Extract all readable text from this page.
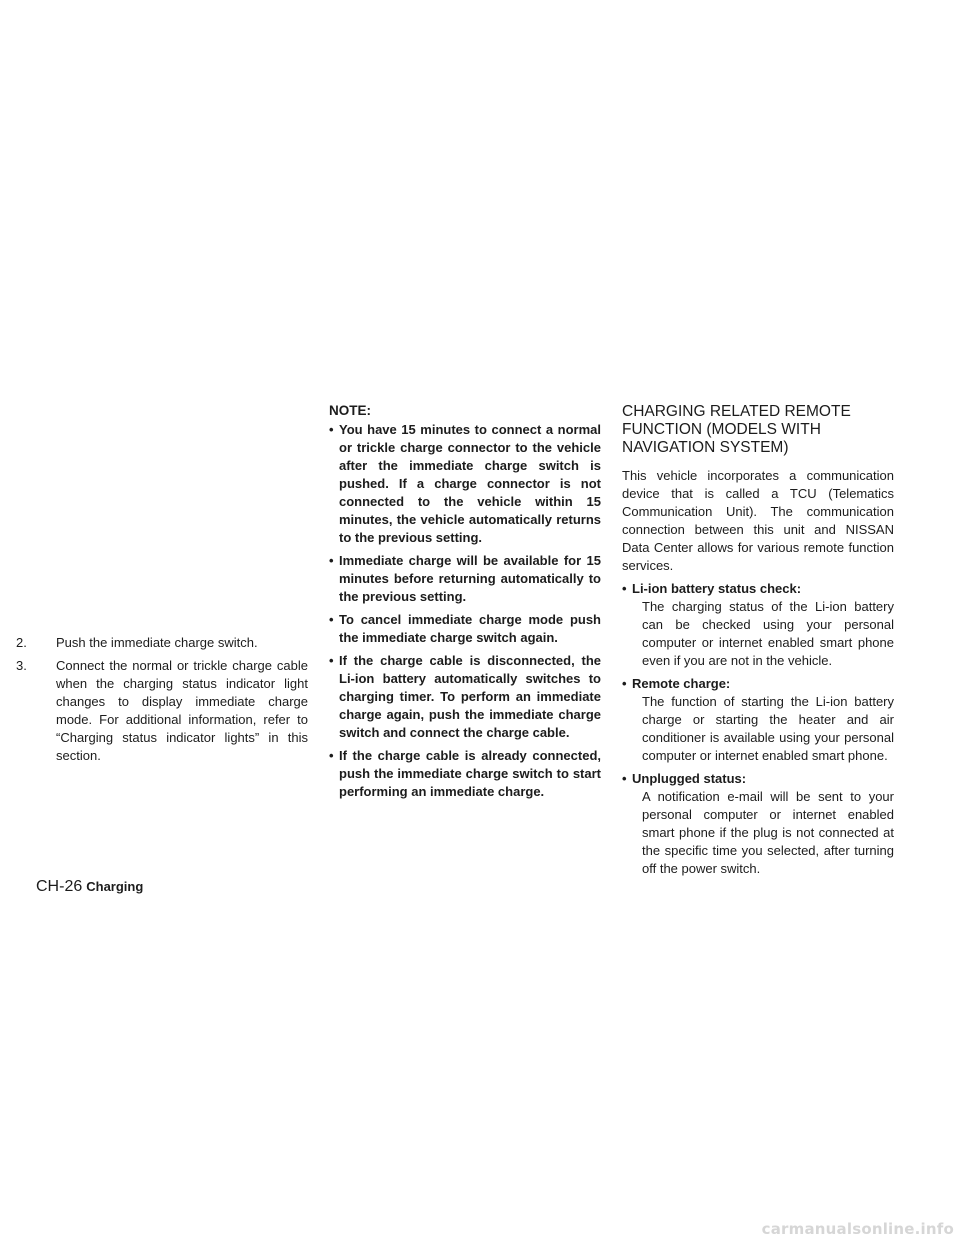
2. Push the immediate charge switch.
3. Connect the normal or trickle charge cable when the charging status indicator light changes to display immediate charge mode. For additional information, refer to “Charging status indicator lights” in this section.
NOTE:
• You have 15 minutes to connect a normal or trickle charge connector to the vehicle after the immediate charge switch is pushed. If a charge connector is not connected to the vehicle within 15 minutes, the vehicle automatically returns to the previous setting.
• Immediate charge will be available for 15 minutes before returning automatically to the previous setting.
• To cancel immediate charge mode push the immediate charge switch again.
• If the charge cable is disconnected, the Li-ion battery automatically switches to charging timer. To perform an immediate charge again, push the immediate charge switch and connect the charge cable.
• If the charge cable is already connected, push the immediate charge switch to start performing an immediate charge.
CHARGING RELATED REMOTE
FUNCTION (MODELS WITH
NAVIGATION SYSTEM)
This vehicle incorporates a communication device that is called a TCU (Telematics Communication Unit). The communication connection between this unit and NISSAN Data Center allows for various remote function services.
• Li-ion battery status check:
The charging status of the Li-ion battery can be checked using your personal computer or internet enabled smart phone even if you are not in the vehicle.
• Remote charge:
The function of starting the Li-ion battery charge or starting the heater and air conditioner is available using your personal computer or internet enabled smart phone.
• Unplugged status:
A notification e-mail will be sent to your personal computer or internet enabled smart phone if the plug is not connected at the specific time you selected, after turning off the power switch.
CH-26 Charging
carmanualsonline.info
